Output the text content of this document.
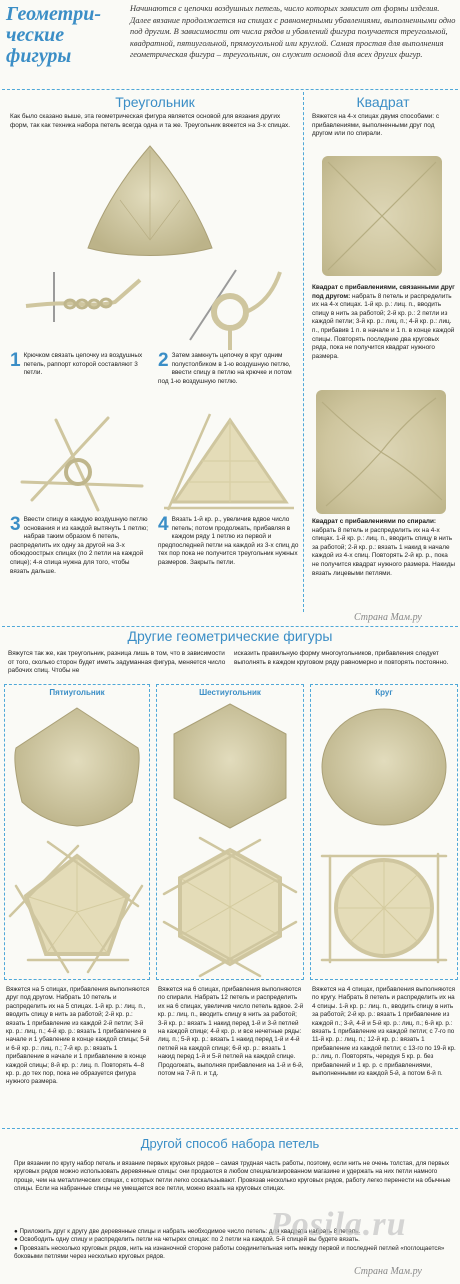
Геометри-ческие фигуры
Начинаются с цепочки воздушных петель, число которых зависит от формы изделия. Далее вязание продолжается на спицах с равномерными убавлениями, выполненными одно под другим. В зависимости от числа рядов и убавлений фигура получается треугольной, квадратной, пятиугольной, прямоугольной или круглой. Самая простая для выполнения геометрическая фигура – треугольник, он служит основой для всех других фигур.
Треугольник
Как было сказано выше, эта геометрическая фигура является основой для вязания других форм, так как техника набора петель всегда одна и та же. Треугольник вяжется на 3-х спицах.
1 Крючком связать цепочку из воздушных петель, раппорт которой составляют 3 петли.
2 Затем замкнуть цепочку в круг одним полустолбиком в 1-ю воздушную петлю, ввести спицу в петлю на крючке и потом под 1-ю воздушную петлю.
3 Ввести спицу в каждую воздушную петлю основания и из каждой вытянуть 1 петлю; набрав таким образом 6 петель, распределить их одну за другой на 3-х обоюдоострых спицах (по 2 петли на каждой спице); 4-я спица нужна для того, чтобы вязать дальше.
4 Вязать 1-й кр. р., увеличив вдвое число петель; потом продолжать, прибавляя в каждом ряду 1 петлю из первой и предпоследней петли на каждой из 3-х спиц до тех пор пока не получится треугольник нужных размеров. Закрыть петли.
Квадрат
Вяжется на 4-х спицах двумя способами: с прибавлениями, выполненными друг под другом или по спирали.
Квадрат с прибавлениями, связанными друг под другом: набрать 8 петель и распределить их на 4-х спицах. 1-й кр. р.: лиц. п., вводить спицу в нить за работой; 2-й кр. р.: 2 петли из каждой петли; 3-й кр. р.: лиц. п.; 4-й кр. р.: лиц. п., прибавив 1 п. в начале и 1 п. в конце каждой спицы. Повторять последние два круговых ряда, пока не получится квадрат нужного размера.
Квадрат с прибавлениями по спирали: набрать 8 петель и распределить их на 4-х спицах. 1-й кр. р.: лиц. п., вводить спицу в нить за работой; 2-й кр. р.: вязать 1 накид в начале каждой из 4-х спиц. Повторять 2-й кр. р., пока не получится квадрат нужного размера. Накиды вязать лицевыми петлями.
Страна Мам.ру
Другие геометрические фигуры
Вяжутся так же, как треугольник, разница лишь в том, что в зависимости от того, сколько сторон будет иметь задуманная фигура, меняется число рабочих спиц. Чтобы не
исказить правильную форму многоугольников, прибавления следует выполнять в каждом круговом ряду равномерно и повторять постоянно.
Пятиугольник	Шестиугольник	Круг
Вяжется на 5 спицах, прибавления выполняются друг под другом. Набрать 10 петель и распределить их на 5 спицах. 1-й кр. р.: лиц. п., вводить спицу в нить за работой; 2-й кр. р.: вязать 1 прибавление из каждой 2-й петли; 3-й кр. р.: лиц. п.; 4-й кр. р.: вязать 1 прибавление в начале и 1 убавление в конце каждой спицы; 5-й и 6-й кр. р.: лиц. п.; 7-й кр. р.: вязать 1 прибавление в начале и 1 прибавление в конце каждой спицы; 8-й кр. р.: лиц. п. Повторять 4–8 кр. р. до тех пор, пока не образуется фигура нужного размера.
Вяжется на 6 спицах, прибавления выполняются по спирали. Набрать 12 петель и распределить их на 6 спицах, увеличив число петель вдвое. 2-й кр. р.: лиц. п., вводить спицу в нить за работой; 3-й кр. р.: вязать 1 накид перед 1-й и 3-й петлей на каждой спице; 4-й кр. р. и все нечетные ряды: лиц. п.; 5-й кр. р.: вязать 1 накид перед 1-й и 4-й петлей на каждой спице; 6-й кр. р.: вязать 1 накид перед 1-й и 5-й петлей на каждой спице. Продолжать, выполняя прибавления на 1-й и 6-й, потом на 7-й п. и т.д.
Вяжется на 4 спицах, прибавления выполняются по кругу. Набрать 8 петель и распределить их на 4 спицы. 1-й кр. р.: лиц. п., вводить спицу в нить за работой; 2-й кр. р.: вязать 1 прибавление из каждой п.; 3-й, 4-й и 5-й кр. р.: лиц. п.; 6-й кр. р.: вязать 1 прибавление из каждой петли; с 7-го по 11-й кр. р.: лиц. п.; 12-й кр. р.: вязать 1 прибавление из каждой петли; с 13-го по 19-й кр. р.: лиц. п. Повторять, чередуя 5 кр. р. без прибавлений и 1 кр. р. с прибавлениями, выполненными из каждой 5-й, а потом 6-й п.
Другой способ набора петель
При вязании по кругу набор петель и вязание первых круговых рядов – самая трудная часть работы, поэтому, если нить не очень толстая, для первых круговых рядов можно использовать деревянные спицы: они продаются в любом специализированном магазине и удержать на них петли намного проще, чем на металлических спицах, с которых петли легко соскальзывают. Провязав несколько круговых рядов, работу легко перенести на обычные спицы. Если на набранные спицы не умещается все петли, можно вязать на круговых спицах.
● Приложить друг к другу две деревянные спицы и набрать необходимое число петель: для квадрата набрать 8 петель.
● Освободить одну спицу и распределить петли на четырех спицах: по 2 петли на каждой. 5-й спицей вы будете вязать.
● Провязать несколько круговых рядов, нить на изнаночной стороне работы соединительная нить между первой и последней петлей «поглощается» боковыми петлями через несколько круговых рядов.
Posila.ru
Страна Мам.ру
